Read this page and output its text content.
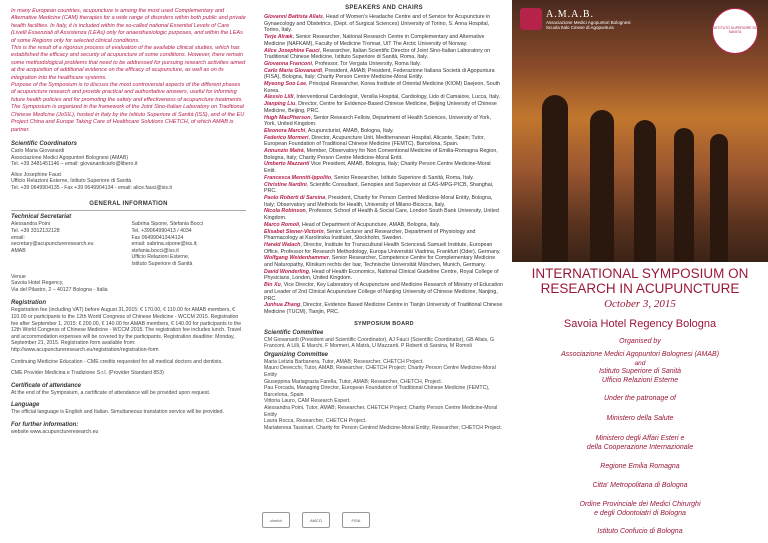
In many European countries, acupuncture is among the most used Complementary and Alternative Medicine (CAM) therapies for a wide range of disorders within both public and private health facilities. In Italy, it is included within the so-called national Essential Levels of Care (Livelli Essenziali di Assistenza (LEAs) only for anaesthesiologic purposes, and within the LEAs of some Regions only for selected clinical conditions.

This is the result of a rigorous process of evaluation of the available clinical studies, which has established the efficacy and security of acupuncture of some conditions. However, there remain some methodological problems that need to be addressed for pursuing research activities aimed at the acquisition of additional evidence on the efficacy of acupuncture, as well as on its integration into the healthcare systems.

Purpose of the Symposium is to discuss the most controversial aspects of the different phases of acupuncture research and provide practical and authoritative answers, useful for informing future health policies and for promoting the safety and effectiveness of acupuncture treatments.

The Symposium is organized in the framework of the Joint Sino-Italian Laboratory on Traditional Chinese Medicine (JoSIL), hosted in Italy by the Istituto Superiore di Sanità (ISS), and of the EU Project China and Europe Taking Care of Healthcare Solutions CHETCH, of which AMAB is partner.

Scientific Coordinators

Carlo Maria Giovanardi

Associazione Medici Agopuntori Bolognesi (AMAB)

Tel. +39 3481451146 – email: giovanardicarlo@libero.it

Alice Josephine Fauci

Ufficio Relazioni Esterne, Istituto Superiore di Sanità

Tel. +39 0649904135 - Fax +39 0649904134 - email: alice.fauci@iss.it

GENERAL INFORMATION
Technical Secretariat

Alessandra Poini

Tel. +39 3312132128

email:

secretary@acupunctureresearch.eu

AMAB

Sabrina Sipone, Stefania Bocci

Tel. +39064990413 / 4034

Fax 0649904134/4124

email: sabrina.sipone@iss.it; stefania.bocci@iss.it

Ufficio Relazioni Esterne,

Istituto Superiore di Sanità

Venue

Savoia Hotel Regency,

Via del Pilastro, 2 – 40127 Bologna - Italia

Registration

Registration fee (including VAT) before August 31,2015: € 170.00, € 110.00 for AMAB members, € 110.00 or participants to the 12th World Congress of Chinese Medicine - WCCM 2015. Registration fee after September 1, 2015: € 200.00, € 140.00 for AMAB members, € 140.00 for participants to the 12th World Congress of Chinese Medicine - WCCM 2015. The registration fee includes lunch. Travel and accommodation expenses will be covered by the participants. Registration deadline: Monday, September 21, 2015. Registration form available from: http://www.acupunctureresearch.eu/registration/registration-form

Continuing Medicine Education - CME credits requested for all medical doctors and dentists.

CME Provider Medicina e Tradizione S.r.l. (Provider Standard 853)

Certificate of attendance

At the end of the Symposium, a certificate of attendance will be provided upon request.

Language

The official language is English and Italian. Simultaneous translation service will be provided.

For further information:

website www.acupunctureresearch.eu

SPEAKERS AND CHAIRS

Giovanni Battista Allais, Head of Women's Headache Centre and of Service for Acupuncture in Gynaecology and Obstetrics, (Dept. of Surgical Sciences) University of Torino, S. Anna Hospital, Torino, Italy.

Terje Alræk, Senior Researcher, National Research Centre in Complementary and Alternative Medicine (NAFKAM), Faculty of Medicine Tromsø, UiT The Arctic University of Norway.

Alice Josephine Fauci, Researcher, Italian Scientific Director of Joint Sino-Italian Laboratory on Traditional Chinese Medicine, Istituto Superiore di Sanità, Roma, Italy.

Giovanna Franconi, Professor, Tor Vergata University, Roma Italy.

Carlo Maria Giovanardi, President, AMAB; President, Federazione Italiana Società di Agopuntura (FISA), Bologna, Italy; Charity Person Centre Medicine-Moral Entity.

Myeong Soo Lee, Principal Researcher, Korea Institute of Oriental Medicine (KIOM) Daejeon, South Korea.

Alessio Lilli, Interventional Cardiologist, Versilia Hospital, Cardiology, Lido di Camaiore, Lucca, Italy.

Jianping Liu, Director, Centre for Evidence-Based Chinese Medicine, Beijing University of Chinese Medicine, Beijing, PRC.

Hugh MacPherson, Senior Research Fellow, Department of Health Sciences, University of York, York, United Kingdom.

Eleonora Marchi, Acupuncturist, AMAB, Bologna, Italy.

Federico Mormeri, Director, Acupuncture Unit, Mediterranean Hospital, Alicante, Spain; Tutor, European Foundation of Traditional Chinese Medicine (FEMTC), Barcelona, Spain.

Annunzio Matrà, Member, Observatory for Non Conventional Medicine of Emilia-Romagna Region, Bologna, Italy; Charity Person Centre Medicine-Moral Entit.

Umberto Mazzanti Vice President, AMAB, Bologna, Italy; Charity Person Centre Medicine-Moral Entit.

Francesca Menniti-Ippolito, Senior Researcher, Istituto Superiore di Sanità, Roma, Italy.

Christine Nardini, Scientific Consultant, Genopies and Supervisor at CAS-MPG-PICB, Shanghai, PRC.

Paolo Roberti di Sarsina, President, Charity for Person Centred Medicine-Moral Entity, Bologna, Italy; Observatory and Methods for Health, University of Milano-Bicocca, Italy.

Nicola Robinson, Professor, School of Health & Social Care, London South Bank University, United Kingdom.

Marco Romoli, Head of Department of Acupuncture, AMAB, Bologna, Italy.

Elisabet Stener-Victorin, Senior Lecturer and Researcher, Department of Physiology and Pharmacology at Karolinska Institutet, Stockholm, Sweden.

Harald Walach, Director, Institute for Transcultural Health Sciences& Samueli Institute, European Office, Professor for Research Methodology, Europa Universität Viadrina, Frankfurt (Oder), Germany.

Wolfgang Weidenhammer, Senior Researcher, Competence Centre for Complementary Medicine and Naturopathy, Klinikum rechts der Isar, Technische Universität München, Munich, Germany.

David Wonderling, Head of Health Economics, National Clinical Guideline Centre, Royal College of Physicians, London, United Kingdom.

Bin Xu, Vice Director, Key Laboratory of Acupuncture and Medicine Research of Ministry of Education and Leader of 2nd Clinical Acupuncture College of Nanjing University of Chinese Medicine, Nanjing, PRC.

Junhua Zhang, Director, Evidence Based Medicine Centre in Tianjin University of Traditional Chinese Medicine (TUCM), Tianjin, PRC.

SYMPOSIUM BOARD
Scientific Committee

CM Giovanardi (President and Scientific Coordinator), AJ Fauci (Scientific Coordinator), GB Allais, G Franconi, A Lilli, E Marchi, F Mormeri, A Matrà, U Mazzanti, P Roberti di Sarsina, M Romoli

Organizing Committee

Maria Letizia Barbanera, Tutor, AMAB; Researcher, CHETCH Project.

Mauro Devecchi, Tutor, AMAB; Researcher, CHETCH Project; Charity Person Centre Medicine-Moral Entity

Giuseppina Mariagrazia Farella, Tutor, AMAB; Researcher, CHETCH, Project.

Pau Forcada, Managing Director, European Foundation of Traditional Chinese Medicine (FEMTC), Barcelona, Spain

Vittoria Lauro, CAM Research Expert.

Alessandra Poini, Tutor, AMAB; Researcher, CHETCH Project; Charity Person Centre Medicine-Moral Entity

Laura Rocca, Researcher, CHETCH Project.

Mariateresa Tassinari, Charity for Person Centred Medicine-Moral Entity; Researcher, CHETCH Project.

chetch	AMCO	FISA
A.M.A.B.
Associazione Medici Agopuntori Bolognesi
Scuola Italo Cinese di Agopuntura	ISTITUTO SUPERIORE DI SANITÀ
INTERNATIONAL SYMPOSIUM ON
RESEARCH IN ACUPUNCTURE
October 3, 2015
Savoia Hotel Regency Bologna
Organised by
Associazione Medici Agopuntori Bolognesi (AMAB)
and
Istituto Superiore di Sanità
Ufficio Relazioni Esterne
Under the patronage of
Ministero della Salute
Ministero degli Affari Esteri e
della Cooperazione Internazionale
Regione Emilia Romagna
Citta' Metropolitana di Bologna
Ordine Provinciale dei Medici Chirurghi
e degli Odontoiatri di Bologna
Istituto Confucio di Bologna
